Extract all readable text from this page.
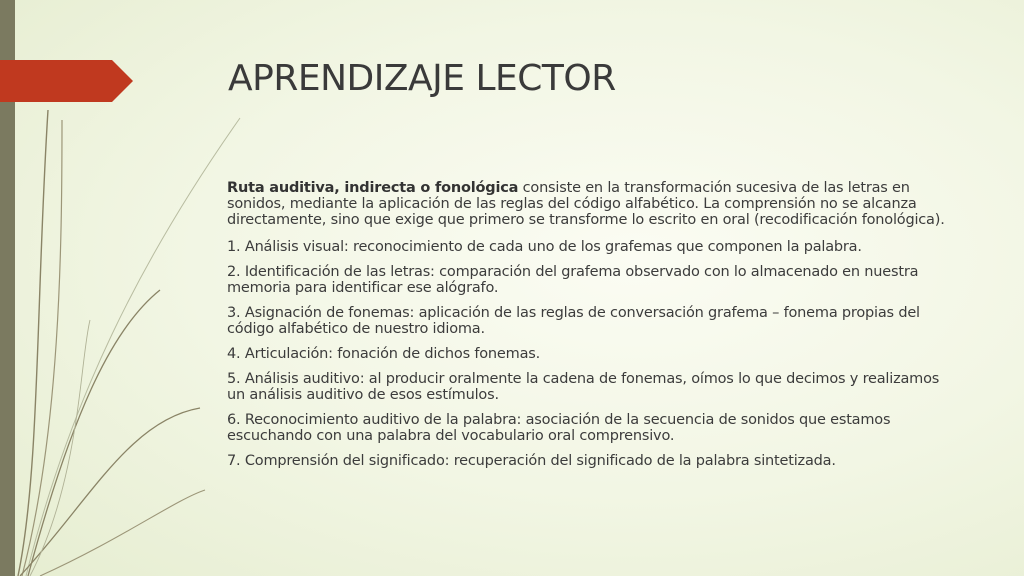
APRENDIZAJE LECTOR

Ruta auditiva, indirecta o fonológica consiste en la transformación sucesiva de las letras en sonidos, mediante la aplicación de las reglas del código alfabético. La comprensión no se alcanza directamente, sino que exige que primero se transforme lo escrito en oral (recodificación fonológica).

1. Análisis visual: reconocimiento de cada uno de los grafemas que componen la palabra.

2. Identificación de las letras: comparación del grafema observado con lo almacenado en nuestra memoria para identificar ese alógrafo.

3. Asignación de fonemas: aplicación de las reglas de conversación grafema – fonema propias del código alfabético de nuestro idioma.

4. Articulación: fonación de dichos fonemas.

5. Análisis auditivo: al producir oralmente la cadena de fonemas, oímos lo que decimos y realizamos un análisis auditivo de esos estímulos.

6. Reconocimiento auditivo de la palabra: asociación de la secuencia de sonidos que estamos escuchando con una palabra del vocabulario oral comprensivo.

7. Comprensión del significado: recuperación del significado de la palabra sintetizada.
